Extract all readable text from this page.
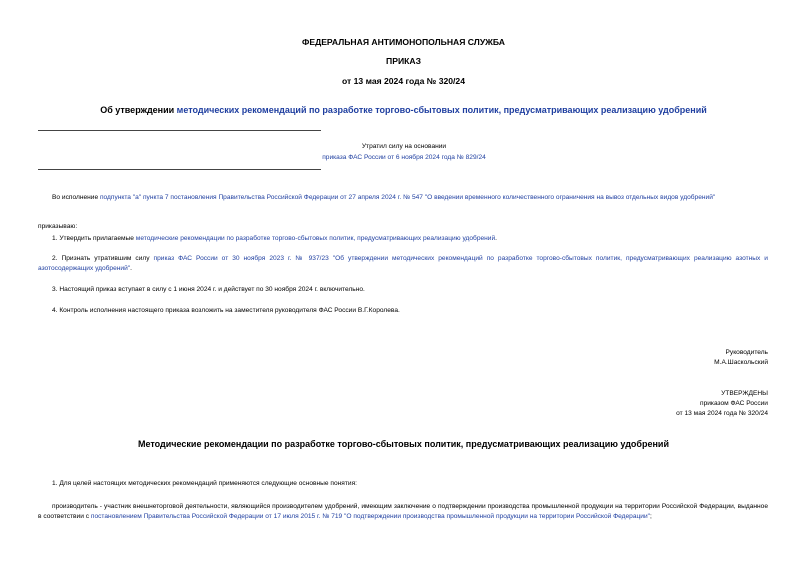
ФЕДЕРАЛЬНАЯ АНТИМОНОПОЛЬНАЯ СЛУЖБА
ПРИКАЗ
от 13 мая 2024 года № 320/24
Об утверждении методических рекомендаций по разработке торгово-сбытовых политик, предусматривающих реализацию удобрений
Утратил силу на основании
приказа ФАС России от 6 ноября 2024 года № 829/24
Во исполнение подпункта "а" пункта 7 постановления Правительства Российской Федерации от 27 апреля 2024 г. № 547 "О введении временного количественного ограничения на вывоз отдельных видов удобрений"
приказываю:
1. Утвердить прилагаемые методические рекомендации по разработке торгово-сбытовых политик, предусматривающих реализацию удобрений.
2. Признать утратившим силу приказ ФАС России от 30 ноября 2023 г. № 937/23 "Об утверждении методических рекомендаций по разработке торгово-сбытовых политик, предусматривающих реализацию азотных и азотосодержащих удобрений".
3. Настоящий приказ вступает в силу с 1 июня 2024 г. и действует по 30 ноября 2024 г. включительно.
4. Контроль исполнения настоящего приказа возложить на заместителя руководителя ФАС России В.Г.Королева.
Руководитель
М.А.Шаскольский
УТВЕРЖДЕНЫ
приказом ФАС России
от 13 мая 2024 года № 320/24
Методические рекомендации по разработке торгово-сбытовых политик, предусматривающих реализацию удобрений
1. Для целей настоящих методических рекомендаций применяются следующие основные понятия:
производитель - участник внешнеторговой деятельности, являющийся производителем удобрений, имеющим заключение о подтверждении производства промышленной продукции на территории Российской Федерации, выданное в соответствии с постановлением Правительства Российской Федерации от 17 июля 2015 г. № 719 "О подтверждении производства промышленной продукции на территории Российской Федерации";
